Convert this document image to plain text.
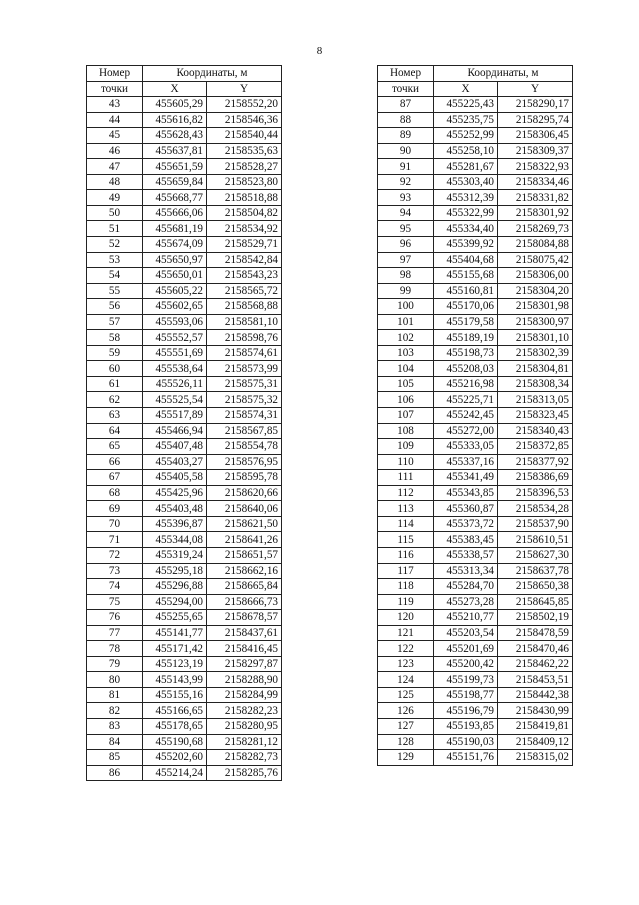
8
Номер	Координаты, м	
точки	X	Y
43	455605,29	2158552,20
44	455616,82	2158546,36
45	455628,43	2158540,44
46	455637,81	2158535,63
47	455651,59	2158528,27
48	455659,84	2158523,80
49	455668,77	2158518,88
50	455666,06	2158504,82
51	455681,19	2158534,92
52	455674,09	2158529,71
53	455650,97	2158542,84
54	455650,01	2158543,23
55	455605,22	2158565,72
56	455602,65	2158568,88
57	455593,06	2158581,10
58	455552,57	2158598,76
59	455551,69	2158574,61
60	455538,64	2158573,99
61	455526,11	2158575,31
62	455525,54	2158575,32
63	455517,89	2158574,31
64	455466,94	2158567,85
65	455407,48	2158554,78
66	455403,27	2158576,95
67	455405,58	2158595,78
68	455425,96	2158620,66
69	455403,48	2158640,06
70	455396,87	2158621,50
71	455344,08	2158641,26
72	455319,24	2158651,57
73	455295,18	2158662,16
74	455296,88	2158665,84
75	455294,00	2158666,73
76	455255,65	2158678,57
77	455141,77	2158437,61
78	455171,42	2158416,45
79	455123,19	2158297,87
80	455143,99	2158288,90
81	455155,16	2158284,99
82	455166,65	2158282,23
83	455178,65	2158280,95
84	455190,68	2158281,12
85	455202,60	2158282,73
86	455214,24	2158285,76
Номер	Координаты, м	
точки	X	Y
87	455225,43	2158290,17
88	455235,75	2158295,74
89	455252,99	2158306,45
90	455258,10	2158309,37
91	455281,67	2158322,93
92	455303,40	2158334,46
93	455312,39	2158331,82
94	455322,99	2158301,92
95	455334,40	2158269,73
96	455399,92	2158084,88
97	455404,68	2158075,42
98	455155,68	2158306,00
99	455160,81	2158304,20
100	455170,06	2158301,98
101	455179,58	2158300,97
102	455189,19	2158301,10
103	455198,73	2158302,39
104	455208,03	2158304,81
105	455216,98	2158308,34
106	455225,71	2158313,05
107	455242,45	2158323,45
108	455272,00	2158340,43
109	455333,05	2158372,85
110	455337,16	2158377,92
111	455341,49	2158386,69
112	455343,85	2158396,53
113	455360,87	2158534,28
114	455373,72	2158537,90
115	455383,45	2158610,51
116	455338,57	2158627,30
117	455313,34	2158637,78
118	455284,70	2158650,38
119	455273,28	2158645,85
120	455210,77	2158502,19
121	455203,54	2158478,59
122	455201,69	2158470,46
123	455200,42	2158462,22
124	455199,73	2158453,51
125	455198,77	2158442,38
126	455196,79	2158430,99
127	455193,85	2158419,81
128	455190,03	2158409,12
129	455151,76	2158315,02
